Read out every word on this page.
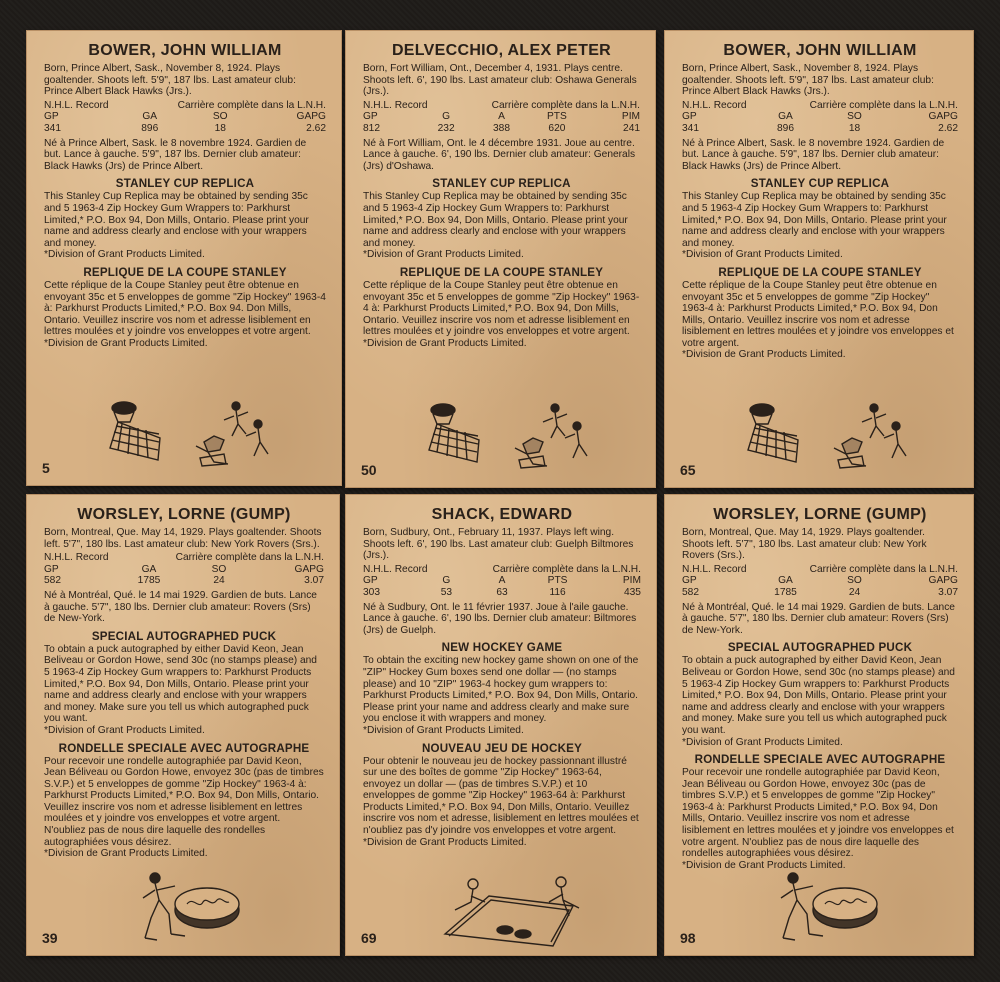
BOWER, JOHN WILLIAM

Born, Prince Albert, Sask., November 8, 1924. Plays goaltender. Shoots left. 5'9", 187 lbs. Last amateur club: Prince Albert Black Hawks (Jrs.).

N.H.L. Record	Carrière complète dans la L.N.H.
GP	GA	SO	GAPG
341	896	18	2.62

Né à Prince Albert, Sask. le 8 novembre 1924. Gardien de but. Lance à gauche. 5'9", 187 lbs. Dernier club amateur: Black Hawks (Jrs) de Prince Albert.

STANLEY CUP REPLICA

This Stanley Cup Replica may be obtained by sending 35c and 5 1963-4 Zip Hockey Gum Wrappers to: Parkhurst Limited,* P.O. Box 94, Don Mills, Ontario. Please print your name and address clearly and enclose with your wrappers and money.

*Division of Grant Products Limited.

REPLIQUE DE LA COUPE STANLEY

Cette réplique de la Coupe Stanley peut être obtenue en envoyant 35c et 5 enveloppes de gomme "Zip Hockey" 1963-4 à: Parkhurst Products Limited,* P.O. Box 94. Don Mills, Ontario. Veuillez inscrire vos nom et adresse lisiblement en lettres moulées et y joindre vos enveloppes et votre argent.

*Division de Grant Products Limited.

5
DELVECCHIO, ALEX PETER

Born, Fort William, Ont., December 4, 1931. Plays centre. Shoots left. 6', 190 lbs. Last amateur club: Oshawa Generals (Jrs.).

N.H.L. Record	Carrière complète dans la L.N.H.
GP	G	A	PTS	PIM
812	232	388	620	241

Né à Fort William, Ont. le 4 décembre 1931. Joue au centre. Lance à gauche. 6', 190 lbs. Dernier club amateur: Generals (Jrs) d'Oshawa.

STANLEY CUP REPLICA

This Stanley Cup Replica may be obtained by sending 35c and 5 1963-4 Zip Hockey Gum Wrappers to: Parkhurst Limited,* P.O. Box 94, Don Mills, Ontario. Please print your name and address clearly and enclose with your wrappers and money.

*Division of Grant Products Limited.

REPLIQUE DE LA COUPE STANLEY

Cette réplique de la Coupe Stanley peut être obtenue en envoyant 35c et 5 enveloppes de gomme "Zip Hockey" 1963-4 à: Parkhurst Products Limited,* P.O. Box 94, Don Mills, Ontario. Veuillez inscrire vos nom et adresse lisiblement en lettres moulées et y joindre vos enveloppes et votre argent.

*Division de Grant Products Limited.

50
BOWER, JOHN WILLIAM

Born, Prince Albert, Sask., November 8, 1924. Plays goaltender. Shoots left. 5'9", 187 lbs. Last amateur club: Prince Albert Black Hawks (Jrs.).

N.H.L. Record	Carrière complète dans la L.N.H.
GP	GA	SO	GAPG
341	896	18	2.62

Né à Prince Albert, Sask. le 8 novembre 1924. Gardien de but. Lance à gauche. 5'9", 187 lbs. Dernier club amateur: Black Hawks (Jrs) de Prince Albert.

STANLEY CUP REPLICA

This Stanley Cup Replica may be obtained by sending 35c and 5 1963-4 Zip Hockey Gum Wrappers to: Parkhurst Limited,* P.O. Box 94, Don Mills, Ontario. Please print your name and address clearly and enclose with your wrappers and money.

*Division of Grant Products Limited.

REPLIQUE DE LA COUPE STANLEY

Cette réplique de la Coupe Stanley peut être obtenue en envoyant 35c et 5 enveloppes de gomme "Zip Hockey" 1963-4 à: Parkhurst Products Limited,* P.O. Box 94, Don Mills, Ontario. Veuillez inscrire vos nom et adresse lisiblement en lettres moulées et y joindre vos enveloppes et votre argent.

*Division de Grant Products Limited.

65
WORSLEY, LORNE (GUMP)

Born, Montreal, Que. May 14, 1929. Plays goaltender. Shoots left. 5'7", 180 lbs. Last amateur club: New York Rovers (Srs.).

N.H.L. Record	Carrière complète dans la L.N.H.
GP	GA	SO	GAPG
582	1785	24	3.07

Né à Montréal, Qué. le 14 mai 1929. Gardien de buts. Lance à gauche. 5'7", 180 lbs. Dernier club amateur: Rovers (Srs) de New-York.

SPECIAL AUTOGRAPHED PUCK

To obtain a puck autographed by either David Keon, Jean Beliveau or Gordon Howe, send 30c (no stamps please) and 5 1963-4 Zip Hockey Gum wrappers to: Parkhurst Products Limited,* P.O. Box 94, Don Mills, Ontario. Please print your name and address clearly and enclose with your wrappers and money. Make sure you tell us which autographed puck you want.

*Division of Grant Products Limited.

RONDELLE SPECIALE AVEC AUTOGRAPHE

Pour recevoir une rondelle autographiée par David Keon, Jean Béliveau ou Gordon Howe, envoyez 30c (pas de timbres S.V.P.) et 5 enveloppes de gomme "Zip Hockey" 1963-4 à: Parkhurst Products Limited,* P.O. Box 94, Don Mills, Ontario. Veuillez inscrire vos nom et adresse lisiblement en lettres moulées et y joindre vos enveloppes et votre argent. N'oubliez pas de nous dire laquelle des rondelles autographiées vous désirez.

*Division de Grant Products Limited.

39
SHACK, EDWARD

Born, Sudbury, Ont., February 11, 1937. Plays left wing. Shoots left. 6', 190 lbs. Last amateur club: Guelph Biltmores (Jrs.).

N.H.L. Record	Carrière complète dans la L.N.H.
GP	G	A	PTS	PIM
303	53	63	116	435

Né à Sudbury, Ont. le 11 février 1937. Joue à l'aile gauche. Lance à gauche. 6', 190 lbs. Dernier club amateur: Biltmores (Jrs) de Guelph.

NEW HOCKEY GAME

To obtain the exciting new hockey game shown on one of the "ZIP" Hockey Gum boxes send one dollar — (no stamps please) and 10 "ZIP" 1963-4 hockey gum wrappers to: Parkhurst Products Limited,* P.O. Box 94, Don Mills, Ontario. Please print your name and address clearly and make sure you enclose it with wrappers and money.

*Division of Grant Products Limited.

NOUVEAU JEU DE HOCKEY

Pour obtenir le nouveau jeu de hockey passionnant illustré sur une des boîtes de gomme "Zip Hockey" 1963-64, envoyez un dollar — (pas de timbres S.V.P.) et 10 enveloppes de gomme "Zip Hockey" 1963-64 à: Parkhurst Products Limited,* P.O. Box 94, Don Mills, Ontario. Veuillez inscrire vos nom et adresse, lisiblement en lettres moulées et n'oubliez pas d'y joindre vos enveloppes et votre argent.

*Division de Grant Products Limited.

69
WORSLEY, LORNE (GUMP)

Born, Montreal, Que. May 14, 1929. Plays goaltender. Shoots left. 5'7", 180 lbs. Last amateur club: New York Rovers (Srs.).

N.H.L. Record	Carrière complète dans la L.N.H.
GP	GA	SO	GAPG
582	1785	24	3.07

Né à Montréal, Qué. le 14 mai 1929. Gardien de buts. Lance à gauche. 5'7", 180 lbs. Dernier club amateur: Rovers (Srs) de New-York.

SPECIAL AUTOGRAPHED PUCK

To obtain a puck autographed by either David Keon, Jean Beliveau or Gordon Howe, send 30c (no stamps please) and 5 1963-4 Zip Hockey Gum wrappers to: Parkhurst Products Limited,* P.O. Box 94, Don Mills, Ontario. Please print your name and address clearly and enclose with your wrappers and money. Make sure you tell us which autographed puck you want.

*Division of Grant Products Limited.

RONDELLE SPECIALE AVEC AUTOGRAPHE

Pour recevoir une rondelle autographiée par David Keon, Jean Béliveau ou Gordon Howe, envoyez 30c (pas de timbres S.V.P.) et 5 enveloppes de gomme "Zip Hockey" 1963-4 à: Parkhurst Products Limited,* P.O. Box 94, Don Mills, Ontario. Veuillez inscrire vos nom et adresse lisiblement en lettres moulées et y joindre vos enveloppes et votre argent. N'oubliez pas de nous dire laquelle des rondelles autographiées vous désirez.

*Division de Grant Products Limited.

98
